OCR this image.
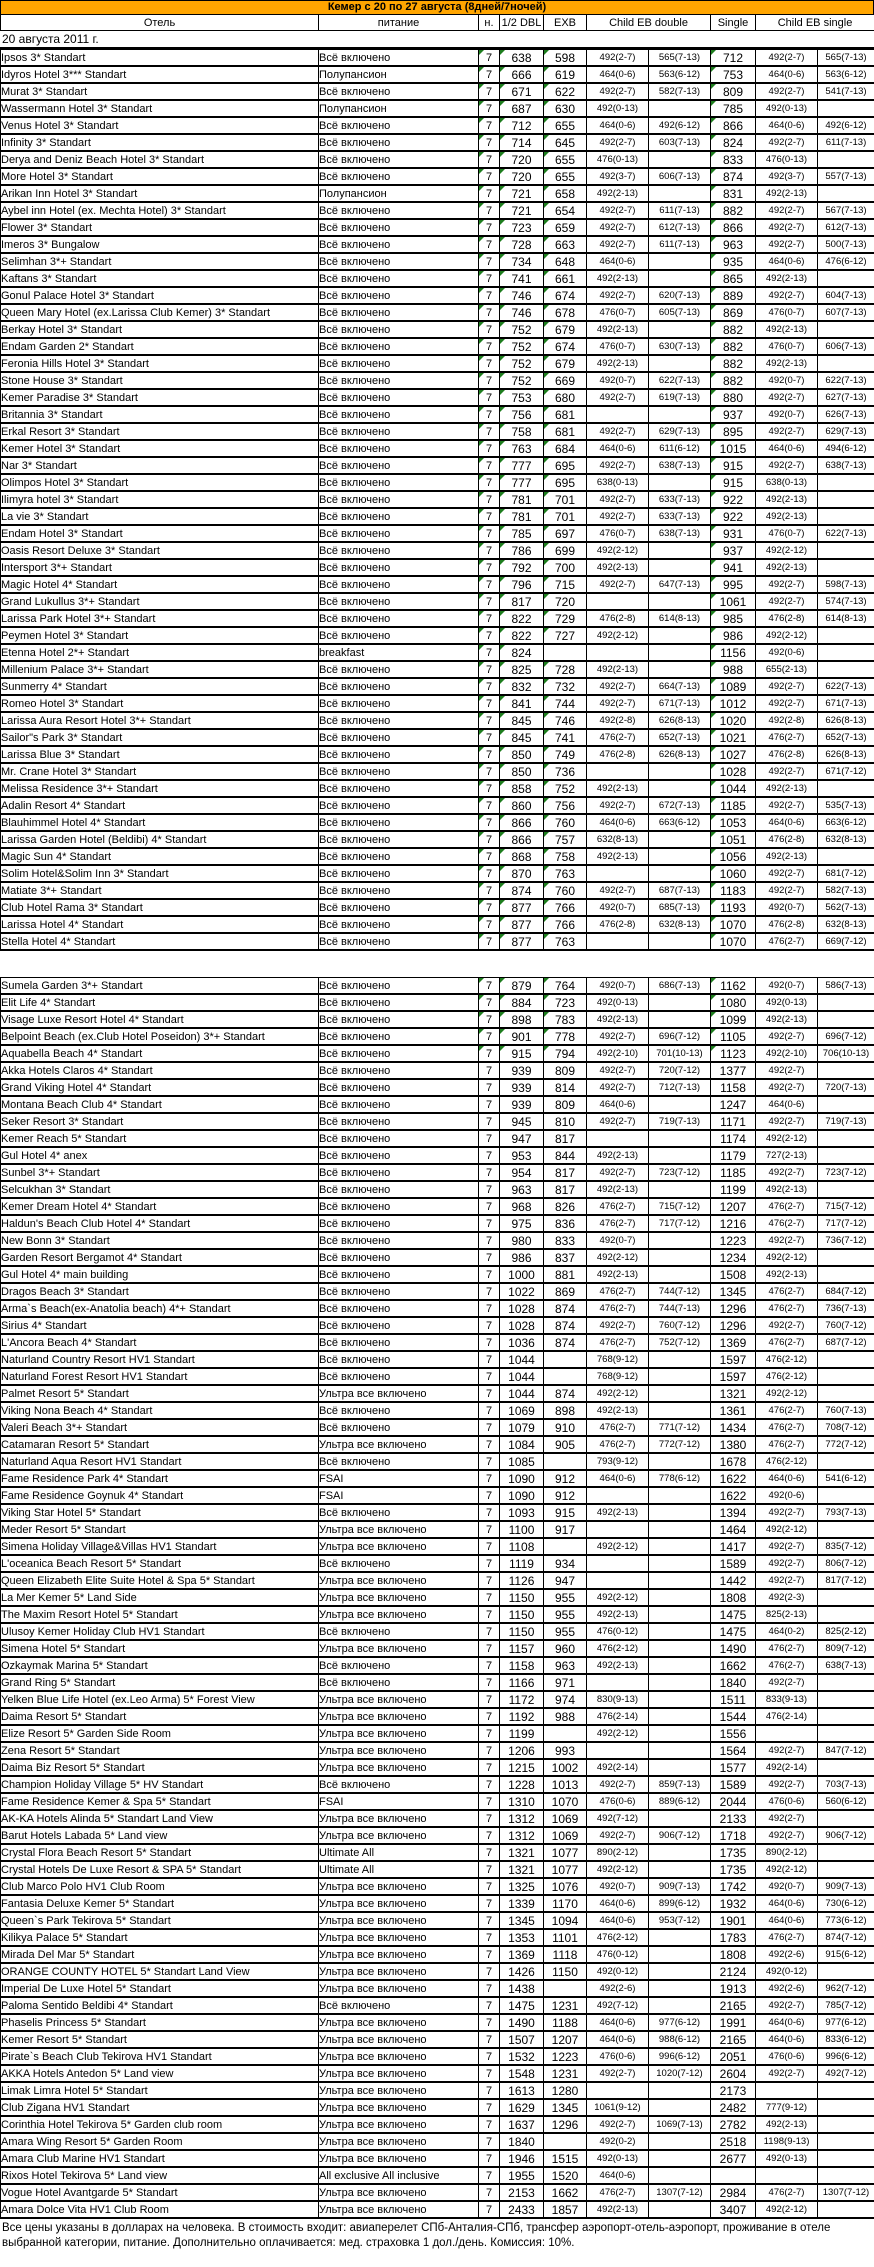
Кемер с 20 по 27 августа (8дней/7ночей)
Отель	питание	н.	1/2 DBL	EXB	Child EB double	Single	Child EB single
20 августа 2011 г.
Ipsos 3* Standart	Всё включено	7	638	598	492(2-7)	565(7-13)	712	492(2-7)	565(7-13)
Idyros Hotel 3*** Standart	Полупансион	7	666	619	464(0-6)	563(6-12)	753	464(0-6)	563(6-12)
Murat 3* Standart	Всё включено	7	671	622	492(2-7)	582(7-13)	809	492(2-7)	541(7-13)
Wassermann Hotel 3* Standart	Полупансион	7	687	630	492(0-13)		785	492(0-13)	
Venus Hotel 3* Standart	Всё включено	7	712	655	464(0-6)	492(6-12)	866	464(0-6)	492(6-12)
Infinity 3* Standart	Всё включено	7	714	645	492(2-7)	603(7-13)	824	492(2-7)	611(7-13)
Derya and Deniz Beach Hotel 3* Standart	Всё включено	7	720	655	476(0-13)		833	476(0-13)	
More Hotel 3* Standart	Всё включено	7	720	655	492(3-7)	606(7-13)	874	492(3-7)	557(7-13)
Arikan Inn Hotel 3* Standart	Полупансион	7	721	658	492(2-13)		831	492(2-13)	
Aybel inn Hotel (ex. Mechta Hotel) 3* Standart	Всё включено	7	721	654	492(2-7)	611(7-13)	882	492(2-7)	567(7-13)
Flower 3* Standart	Всё включено	7	723	659	492(2-7)	612(7-13)	866	492(2-7)	612(7-13)
Imeros 3* Bungalow	Всё включено	7	728	663	492(2-7)	611(7-13)	963	492(2-7)	500(7-13)
Selimhan 3*+ Standart	Всё включено	7	734	648	464(0-6)		935	464(0-6)	476(6-12)
Kaftans 3* Standart	Всё включено	7	741	661	492(2-13)		865	492(2-13)	
Gonul Palace Hotel 3* Standart	Всё включено	7	746	674	492(2-7)	620(7-13)	889	492(2-7)	604(7-13)
Queen Mary Hotel (ex.Larissa Club Kemer) 3* Standart	Всё включено	7	746	678	476(0-7)	605(7-13)	869	476(0-7)	607(7-13)
Berkay Hotel 3* Standart	Всё включено	7	752	679	492(2-13)		882	492(2-13)	
Endam Garden 2* Standart	Всё включено	7	752	674	476(0-7)	630(7-13)	882	476(0-7)	606(7-13)
Feronia Hills Hotel 3* Standart	Всё включено	7	752	679	492(2-13)		882	492(2-13)	
Stone House 3* Standart	Всё включено	7	752	669	492(0-7)	622(7-13)	882	492(0-7)	622(7-13)
Kemer Paradise 3* Standart	Всё включено	7	753	680	492(2-7)	619(7-13)	880	492(2-7)	627(7-13)
Britannia 3* Standart	Всё включено	7	756	681			937	492(0-7)	626(7-13)
Erkal Resort 3* Standart	Всё включено	7	758	681	492(2-7)	629(7-13)	895	492(2-7)	629(7-13)
Kemer Hotel 3* Standart	Всё включено	7	763	684	464(0-6)	611(6-12)	1015	464(0-6)	494(6-12)
Nar 3* Standart	Всё включено	7	777	695	492(2-7)	638(7-13)	915	492(2-7)	638(7-13)
Olimpos Hotel 3* Standart	Всё включено	7	777	695	638(0-13)		915	638(0-13)	
Ilimyra hotel 3* Standart	Всё включено	7	781	701	492(2-7)	633(7-13)	922	492(2-13)	
La vie 3* Standart	Всё включено	7	781	701	492(2-7)	633(7-13)	922	492(2-13)	
Endam Hotel 3* Standart	Всё включено	7	785	697	476(0-7)	638(7-13)	931	476(0-7)	622(7-13)
Oasis Resort Deluxe 3* Standart	Всё включено	7	786	699	492(2-12)		937	492(2-12)	
Intersport 3*+ Standart	Всё включено	7	792	700	492(2-13)		941	492(2-13)	
Magic Hotel 4* Standart	Всё включено	7	796	715	492(2-7)	647(7-13)	995	492(2-7)	598(7-13)
Grand Lukullus 3*+ Standart	Всё включено	7	817	720			1061	492(2-7)	574(7-13)
Larissa Park Hotel 3*+ Standart	Всё включено	7	822	729	476(2-8)	614(8-13)	985	476(2-8)	614(8-13)
Peymen Hotel 3* Standart	Всё включено	7	822	727	492(2-12)		986	492(2-12)	
Etenna Hotel 2*+ Standart	breakfast	7	824				1156	492(0-6)	
Millenium Palace 3*+ Standart	Всё включено	7	825	728	492(2-13)		988	655(2-13)	
Sunmerry 4* Standart	Всё включено	7	832	732	492(2-7)	664(7-13)	1089	492(2-7)	622(7-13)
Romeo Hotel 3* Standart	Всё включено	7	841	744	492(2-7)	671(7-13)	1012	492(2-7)	671(7-13)
Larissa Aura Resort Hotel 3*+ Standart	Всё включено	7	845	746	492(2-8)	626(8-13)	1020	492(2-8)	626(8-13)
Sailor"s Park 3* Standart	Всё включено	7	845	741	476(2-7)	652(7-13)	1021	476(2-7)	652(7-13)
Larissa Blue 3* Standart	Всё включено	7	850	749	476(2-8)	626(8-13)	1027	476(2-8)	626(8-13)
Mr. Crane Hotel 3* Standart	Всё включено	7	850	736			1028	492(2-7)	671(7-12)
Melissa Residence 3*+ Standart	Всё включено	7	858	752	492(2-13)		1044	492(2-13)	
Adalin Resort 4* Standart	Всё включено	7	860	756	492(2-7)	672(7-13)	1185	492(2-7)	535(7-13)
Blauhimmel Hotel 4* Standart	Всё включено	7	866	760	464(0-6)	663(6-12)	1053	464(0-6)	663(6-12)
Larissa Garden Hotel (Beldibi) 4* Standart	Всё включено	7	866	757	632(8-13)		1051	476(2-8)	632(8-13)
Magic Sun 4* Standart	Всё включено	7	868	758	492(2-13)		1056	492(2-13)	
Solim Hotel&Solim Inn 3* Standart	Всё включено	7	870	763			1060	492(2-7)	681(7-12)
Matiate 3*+ Standart	Всё включено	7	874	760	492(2-7)	687(7-13)	1183	492(2-7)	582(7-13)
Club Hotel Rama 3* Standart	Всё включено	7	877	766	492(0-7)	685(7-13)	1193	492(0-7)	562(7-13)
Larissa Hotel 4* Standart	Всё включено	7	877	766	476(2-8)	632(8-13)	1070	476(2-8)	632(8-13)
Stella Hotel 4* Standart	Всё включено	7	877	763			1070	476(2-7)	669(7-12)
Sumela Garden 3*+ Standart	Всё включено	7	879	764	492(0-7)	686(7-13)	1162	492(0-7)	586(7-13)
Elit Life 4* Standart	Всё включено	7	884	723	492(0-13)		1080	492(0-13)	
Visage Luxe Resort Hotel 4* Standart	Всё включено	7	898	783	492(2-13)		1099	492(2-13)	
Belpoint Beach (ex.Club Hotel Poseidon) 3*+ Standart	Всё включено	7	901	778	492(2-7)	696(7-12)	1105	492(2-7)	696(7-12)
Aquabella Beach 4* Standart	Всё включено	7	915	794	492(2-10)	701(10-13)	1123	492(2-10)	706(10-13)
Akka Hotels Claros 4* Standart	Всё включено	7	939	809	492(2-7)	720(7-12)	1377	492(2-7)	
Grand Viking Hotel 4* Standart	Всё включено	7	939	814	492(2-7)	712(7-13)	1158	492(2-7)	720(7-13)
Montana Beach Club 4* Standart	Всё включено	7	939	809	464(0-6)		1247	464(0-6)	
Seker Resort 3* Standart	Всё включено	7	945	810	492(2-7)	719(7-13)	1171	492(2-7)	719(7-13)
Kemer Reach 5* Standart	Всё включено	7	947	817			1174	492(2-12)	
Gul Hotel 4* anex	Всё включено	7	953	844	492(2-13)		1179	727(2-13)	
Sunbel 3*+ Standart	Всё включено	7	954	817	492(2-7)	723(7-12)	1185	492(2-7)	723(7-12)
Selcukhan 3* Standart	Всё включено	7	963	817	492(2-13)		1199	492(2-13)	
Kemer Dream Hotel 4* Standart	Всё включено	7	968	826	476(2-7)	715(7-12)	1207	476(2-7)	715(7-12)
Haldun's Beach Club Hotel 4* Standart	Всё включено	7	975	836	476(2-7)	717(7-12)	1216	476(2-7)	717(7-12)
New Bonn 3* Standart	Всё включено	7	980	833	492(0-7)		1223	492(2-7)	736(7-12)
Garden Resort Bergamot 4* Standart	Всё включено	7	986	837	492(2-12)		1234	492(2-12)	
Gul Hotel 4* main building	Всё включено	7	1000	881	492(2-13)		1508	492(2-13)	
Dragos Beach 3* Standart	Всё включено	7	1022	869	476(2-7)	744(7-12)	1345	476(2-7)	684(7-12)
Arma`s Beach(ex-Anatolia beach) 4*+ Standart	Всё включено	7	1028	874	476(2-7)	744(7-13)	1296	476(2-7)	736(7-13)
Sirius 4* Standart	Всё включено	7	1028	874	492(2-7)	760(7-12)	1296	492(2-7)	760(7-12)
L'Ancora Beach 4* Standart	Всё включено	7	1036	874	476(2-7)	752(7-12)	1369	476(2-7)	687(7-12)
Naturland Country Resort HV1 Standart	Всё включено	7	1044		768(9-12)		1597	476(2-12)	
Naturland Forest Resort HV1 Standart	Всё включено	7	1044		768(9-12)		1597	476(2-12)	
Palmet Resort 5* Standart	Ультра все включено	7	1044	874	492(2-12)		1321	492(2-12)	
Viking Nona Beach 4* Standart	Всё включено	7	1069	898	492(2-13)		1361	476(2-7)	760(7-13)
Valeri Beach 3*+ Standart	Всё включено	7	1079	910	476(2-7)	771(7-12)	1434	476(2-7)	708(7-12)
Catamaran Resort 5* Standart	Ультра все включено	7	1084	905	476(2-7)	772(7-12)	1380	476(2-7)	772(7-12)
Naturland Aqua Resort HV1 Standart	Всё включено	7	1085		793(9-12)		1678	476(2-12)	
Fame Residence Park 4* Standart	FSAI	7	1090	912	464(0-6)	778(6-12)	1622	464(0-6)	541(6-12)
Fame Residence Goynuk 4* Standart	FSAI	7	1090	912			1622	492(0-6)	
Viking Star Hotel 5* Standart	Всё включено	7	1093	915	492(2-13)		1394	492(2-7)	793(7-13)
Meder Resort 5* Standart	Ультра все включено	7	1100	917			1464	492(2-12)	
Simena Holiday Village&Villas HV1 Standart	Ультра все включено	7	1108		492(2-12)		1417	492(2-7)	835(7-12)
L'oceanica Beach Resort 5* Standart	Всё включено	7	1119	934			1589	492(2-7)	806(7-12)
Queen Elizabeth Elite Suite Hotel & Spa 5* Standart	Ультра все включено	7	1126	947			1442	492(2-7)	817(7-12)
La Mer Kemer 5* Land Side	Ультра все включено	7	1150	955	492(2-12)		1808	492(2-3)	
The Maxim Resort Hotel 5* Standart	Ультра все включено	7	1150	955	492(2-13)		1475	825(2-13)	
Ulusoy Kemer Holiday Club HV1 Standart	Всё включено	7	1150	955	476(0-12)		1475	464(0-2)	825(2-12)
Simena Hotel 5* Standart	Ультра все включено	7	1157	960	476(2-12)		1490	476(2-7)	809(7-12)
Ozkaymak Marina 5* Standart	Всё включено	7	1158	963	492(2-13)		1662	476(2-7)	638(7-13)
Grand Ring 5* Standart	Всё включено	7	1166	971			1840	492(2-7)	
Yelken Blue Life Hotel (ex.Leo Arma) 5* Forest View	Ультра все включено	7	1172	974	830(9-13)		1511	833(9-13)	
Daima Resort 5* Standart	Ультра все включено	7	1192	988	476(2-14)		1544	476(2-14)	
Elize Resort 5* Garden Side Room	Ультра все включено	7	1199		492(2-12)		1556		
Zena Resort 5* Standart	Ультра все включено	7	1206	993			1564	492(2-7)	847(7-12)
Daima Biz Resort 5* Standart	Ультра все включено	7	1215	1002	492(2-14)		1577	492(2-14)	
Champion Holiday Village 5* HV Standart	Всё включено	7	1228	1013	492(2-7)	859(7-13)	1589	492(2-7)	703(7-13)
Fame Residence Kemer & Spa 5* Standart	FSAI	7	1310	1070	476(0-6)	889(6-12)	2044	476(0-6)	560(6-12)
AK-KA Hotels Alinda 5* Standart Land View	Ультра все включено	7	1312	1069	492(7-12)		2133	492(2-7)	
Barut Hotels Labada 5* Land view	Ультра все включено	7	1312	1069	492(2-7)	906(7-12)	1718	492(2-7)	906(7-12)
Crystal Flora Beach Resort 5* Standart	Ultimate All	7	1321	1077	890(2-12)		1735	890(2-12)	
Crystal Hotels De Luxe Resort & SPA 5* Standart	Ultimate All	7	1321	1077	492(2-12)		1735	492(2-12)	
Club Marco Polo HV1 Club Room	Ультра все включено	7	1325	1076	492(0-7)	909(7-13)	1742	492(0-7)	909(7-13)
Fantasia Deluxe Kemer 5* Standart	Ультра все включено	7	1339	1170	464(0-6)	899(6-12)	1932	464(0-6)	730(6-12)
Queen`s Park Tekirova 5* Standart	Ультра все включено	7	1345	1094	464(0-6)	953(7-12)	1901	464(0-6)	773(6-12)
Kilikya Palace 5* Standart	Ультра все включено	7	1353	1101	476(2-12)		1783	476(2-7)	874(7-12)
Mirada Del Mar 5* Standart	Ультра все включено	7	1369	1118	476(0-12)		1808	492(2-6)	915(6-12)
ORANGE COUNTY HOTEL 5* Standart Land View	Ультра все включено	7	1426	1150	492(0-12)		2124	492(0-12)	
Imperial De Luxe Hotel 5* Standart	Ультра все включено	7	1438		492(2-6)		1913	492(2-6)	962(7-12)
Paloma Sentido Beldibi 4* Standart	Всё включено	7	1475	1231	492(7-12)		2165	492(2-7)	785(7-12)
Phaselis Princess 5* Standart	Ультра все включено	7	1490	1188	464(0-6)	977(6-12)	1991	464(0-6)	977(6-12)
Kemer Resort 5* Standart	Ультра все включено	7	1507	1207	464(0-6)	988(6-12)	2165	464(0-6)	833(6-12)
Pirate`s Beach Club Tekirova HV1 Standart	Ультра все включено	7	1532	1223	476(0-6)	996(6-12)	2051	476(0-6)	996(6-12)
AKKA Hotels Antedon 5* Land view	Ультра все включено	7	1548	1231	492(2-7)	1020(7-12)	2604	492(2-7)	492(7-12)
Limak Limra Hotel 5* Standart	Ультра все включено	7	1613	1280			2173		
Club Zigana HV1 Standart	Ультра все включено	7	1629	1345	1061(9-12)		2482	777(9-12)	
Corinthia Hotel Tekirova 5* Garden club room	Ультра все включено	7	1637	1296	492(2-7)	1069(7-13)	2782	492(2-13)	
Amara Wing Resort 5* Garden Room	Ультра все включено	7	1840		492(0-2)		2518	1198(9-13)	
Amara Club Marine HV1 Standart	Ультра все включено	7	1946	1515	492(0-13)		2677	492(0-13)	
Rixos Hotel Tekirova 5* Land view	All exclusive All inclusive	7	1955	1520	464(0-6)				
Vogue Hotel Avantgarde 5* Standart	Ультра все включено	7	2153	1662	476(2-7)	1307(7-12)	2984	476(2-7)	1307(7-12)
Amara Dolce Vita HV1 Club Room	Ультра все включено	7	2433	1857	492(2-13)		3407	492(2-12)	
Все цены указаны в долларах на человека. В стоимость входит: авиаперелет СПб-Анталия-СПб, трансфер аэропорт-отель-аэропорт, проживание в отеле выбранной категории, питание. Дополнительно оплачивается: мед. страховка 1 дол./день. Комиссия: 10%.
